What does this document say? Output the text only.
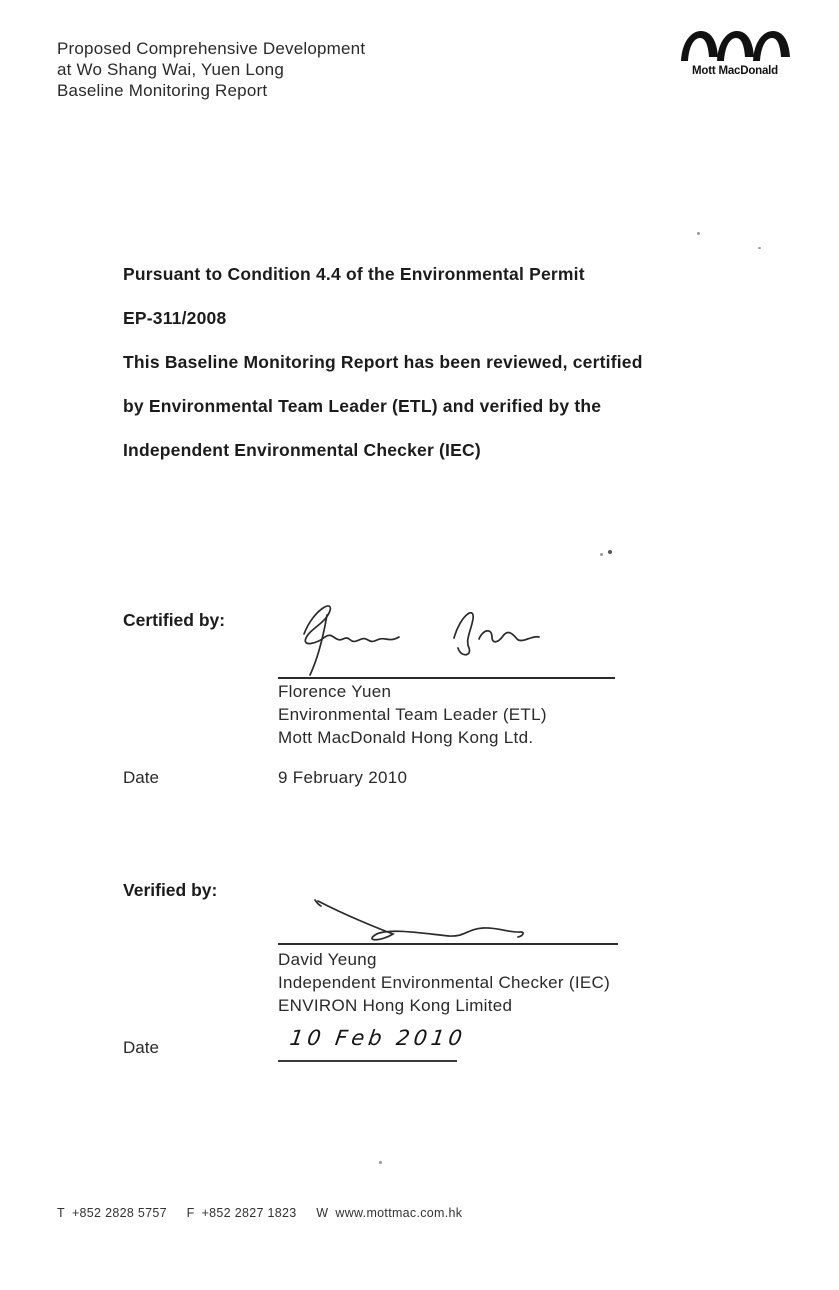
Proposed Comprehensive Development
at Wo Shang Wai, Yuen Long
Baseline Monitoring Report
Mott MacDonald
Pursuant to Condition 4.4 of the Environmental Permit
EP-311/2008
This Baseline Monitoring Report has been reviewed, certified
by Environmental Team Leader (ETL) and verified by the
Independent Environmental Checker (IEC)
Certified by:
Florence Yuen
Environmental Team Leader (ETL)
Mott MacDonald Hong Kong Ltd.
Date	9 February 2010
Verified by:
David Yeung
Independent Environmental Checker (IEC)
ENVIRON Hong Kong Limited
Date	10 Feb 2010
T +852 2828 5757 F +852 2827 1823 W www.mottmac.com.hk
